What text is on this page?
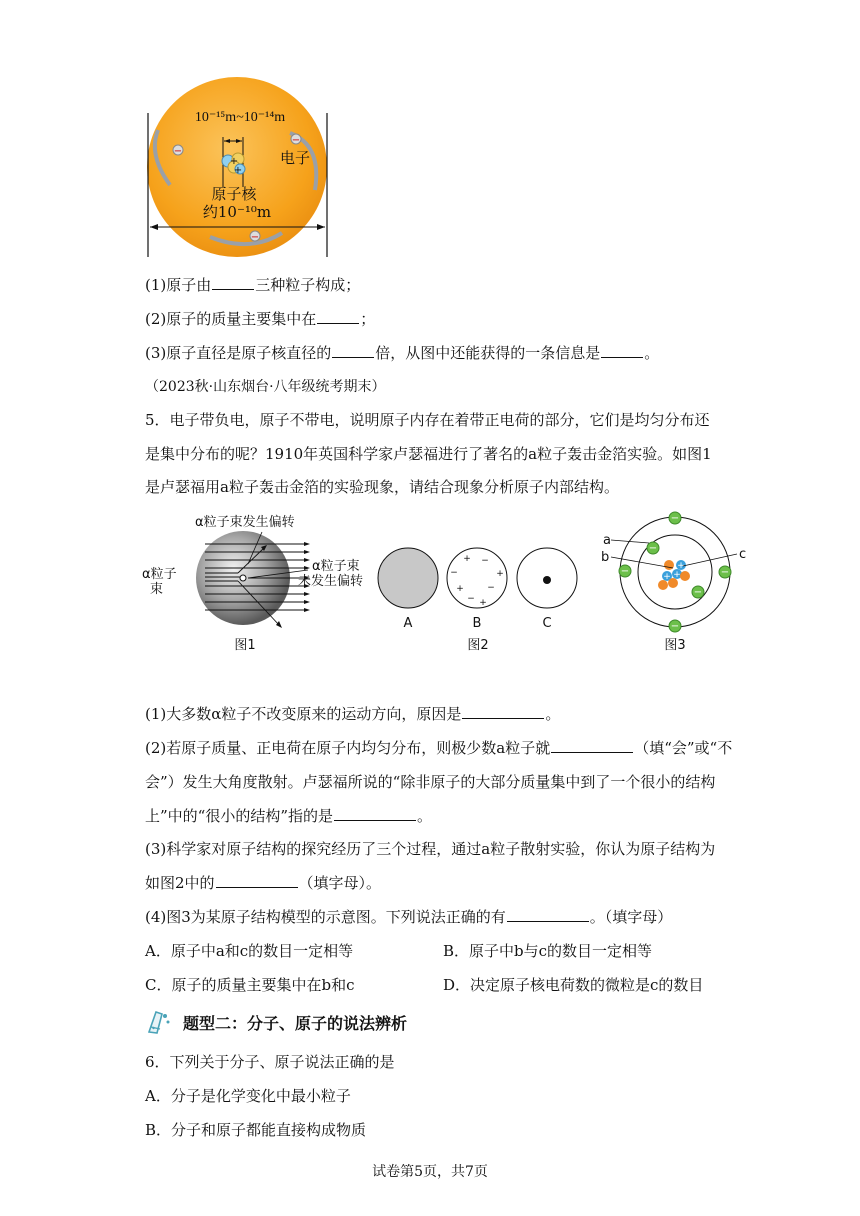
−
−
−
+
+
10⁻¹⁵m~10⁻¹⁴m
电子
原子核
约10⁻¹⁰m
(1)原子由	三种粒子构成；
(2)原子的质量主要集中在	；
(3)原子直径是原子核直径的	倍，从图中还能获得的一条信息是	。
（2023秋·山东烟台·八年级统考期末）
5．电子带负电，原子不带电，说明原子内存在着带正电荷的部分，它们是均匀分布还
是集中分布的呢？1910年英国科学家卢瑟福进行了著名的a粒子轰击金箔实验。如图1
是卢瑟福用a粒子轰击金箔的实验现象，请结合现象分析原子内部结构。
α粒子束发生偏转
α粒子
束
α粒子束
未发生偏转
图1
+ −
−	+
+	−
− +
A	B	C
图2
−
−
−	−
−
−
+
+ +
a
b	c
图3
(1)大多数α粒子不改变原来的运动方向，原因是	。
(2)若原子质量、正电荷在原子内均匀分布，则极少数a粒子就	（填“会”或“不
会”）发生大角度散射。卢瑟福所说的“除非原子的大部分质量集中到了一个很小的结构
上”中的“很小的结构”指的是	。
(3)科学家对原子结构的探究经历了三个过程，通过a粒子散射实验，你认为原子结构为
如图2中的	（填字母）。
(4)图3为某原子结构模型的示意图。下列说法正确的有	。（填字母）
A．原子中a和c的数目一定相等	B．原子中b与c的数目一定相等
C．原子的质量主要集中在b和c	D．决定原子核电荷数的微粒是c的数目
题型二：分子、原子的说法辨析
6．下列关于分子、原子说法正确的是
A．分子是化学变化中最小粒子
B．分子和原子都能直接构成物质
试卷第5页，共7页
